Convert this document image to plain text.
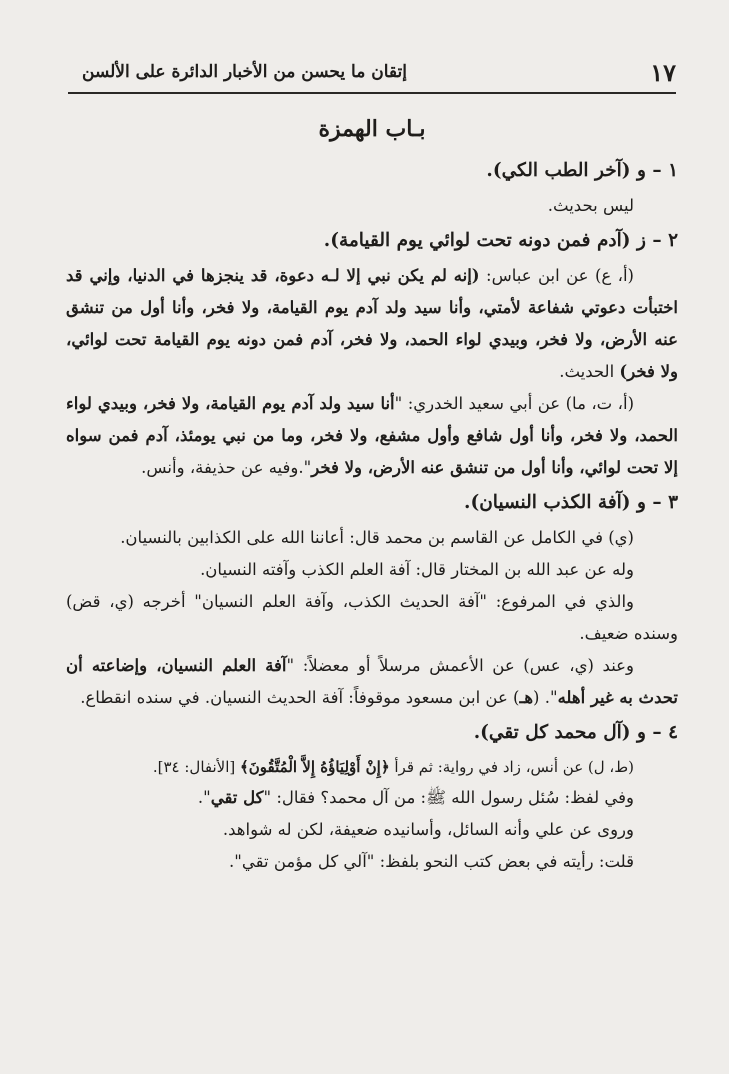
١٧
إتقان ما يحسن من الأخبار الدائرة على الألسن
بـاب الهمزة

١ – و (آخر الطب الكي).

ليس بحديث.

٢ – ز (آدم فمن دونه تحت لوائي يوم القيامة).

(أ، ع) عن ابن عباس: (إنه لم يكن نبي إلا لـه دعوة، قد ينجزها في الدنيا، وإني قد اختبأت دعوتي شفاعة لأمتي، وأنا سيد ولد آدم يوم القيامة، ولا فخر، وأنا أول من تنشق عنه الأرض، ولا فخر، وبيدي لواء الحمد، ولا فخر، آدم فمن دونه يوم القيامة تحت لوائي، ولا فخر) الحديث.

(أ، ت، ما) عن أبي سعيد الخدري: "أنا سيد ولد آدم يوم القيامة، ولا فخر، وبيدي لواء الحمد، ولا فخر، وأنا أول شافع وأول مشفع، ولا فخر، وما من نبي يومئذ، آدم فمن سواه إلا تحت لوائي، وأنا أول من تنشق عنه الأرض، ولا فخر".وفيه عن حذيفة، وأنس.

٣ – و (آفة الكذب النسيان).

(ي) في الكامل عن القاسم بن محمد قال: أعاننا الله على الكذابين بالنسيان.

وله عن عبد الله بن المختار قال: آفة العلم الكذب وآفته النسيان.

والذي في المرفوع: "آفة الحديث الكذب، وآفة العلم النسيان" أخرجه (ي، قض) وسنده ضعيف.

وعند (ي، عس) عن الأعمش مرسلاً أو معضلاً: "آفة العلم النسيان، وإضاعته أن تحدث به غير أهله". (هـ) عن ابن مسعود موقوفاً: آفة الحديث النسيان. في سنده انقطاع.

٤ – و (آل محمد كل تقي).

(ط، ل) عن أنس، زاد في رواية: ثم قرأ ﴿إِنْ أَوْلِيَاؤُهُ إِلاَّ الْمُتَّقُونَ﴾ [الأنفال: ٣٤].

وفي لفظ: سُئل رسول الله ﷺ: من آل محمد؟ فقال: "كل تقي".

وروى عن علي وأنه السائل، وأسانيده ضعيفة، لكن له شواهد.

قلت: رأيته في بعض كتب النحو بلفظ: "آلي كل مؤمن تقي".
